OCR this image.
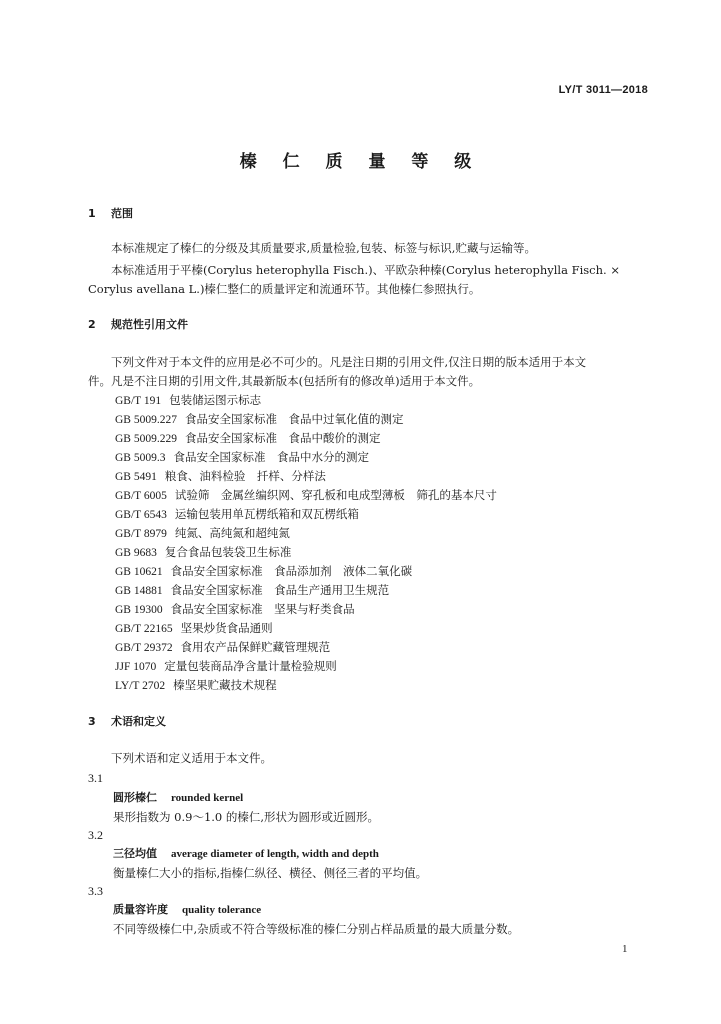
LY/T 3011—2018
榛 仁 质 量 等 级
1 范围
本标准规定了榛仁的分级及其质量要求,质量检验,包装、标签与标识,贮藏与运输等。
本标准适用于平榛(Corylus heterophylla Fisch.)、平欧杂种榛(Corylus heterophylla Fisch. ×
Corylus avellana L.)榛仁整仁的质量评定和流通环节。其他榛仁参照执行。
2 规范性引用文件
下列文件对于本文件的应用是必不可少的。凡是注日期的引用文件,仅注日期的版本适用于本文
件。凡是不注日期的引用文件,其最新版本(包括所有的修改单)适用于本文件。
GB/T 191 包装储运图示标志
GB 5009.227 食品安全国家标准　食品中过氧化值的测定
GB 5009.229 食品安全国家标准　食品中酸价的测定
GB 5009.3 食品安全国家标准　食品中水分的测定
GB 5491 粮食、油料检验　扦样、分样法
GB/T 6005 试验筛　金属丝编织网、穿孔板和电成型薄板　筛孔的基本尺寸
GB/T 6543 运输包装用单瓦楞纸箱和双瓦楞纸箱
GB/T 8979 纯氮、高纯氮和超纯氮
GB 9683 复合食品包装袋卫生标准
GB 10621 食品安全国家标准　食品添加剂　液体二氧化碳
GB 14881 食品安全国家标准　食品生产通用卫生规范
GB 19300 食品安全国家标准　坚果与籽类食品
GB/T 22165 坚果炒货食品通则
GB/T 29372 食用农产品保鲜贮藏管理规范
JJF 1070 定量包装商品净含量计量检验规则
LY/T 2702 榛坚果贮藏技术规程
3 术语和定义
下列术语和定义适用于本文件。
3.1
圆形榛仁 rounded kernel
果形指数为 0.9～1.0 的榛仁,形状为圆形或近圆形。
3.2
三径均值 average diameter of length, width and depth
衡量榛仁大小的指标,指榛仁纵径、横径、侧径三者的平均值。
3.3
质量容许度 quality tolerance
不同等级榛仁中,杂质或不符合等级标准的榛仁分别占样品质量的最大质量分数。
1
